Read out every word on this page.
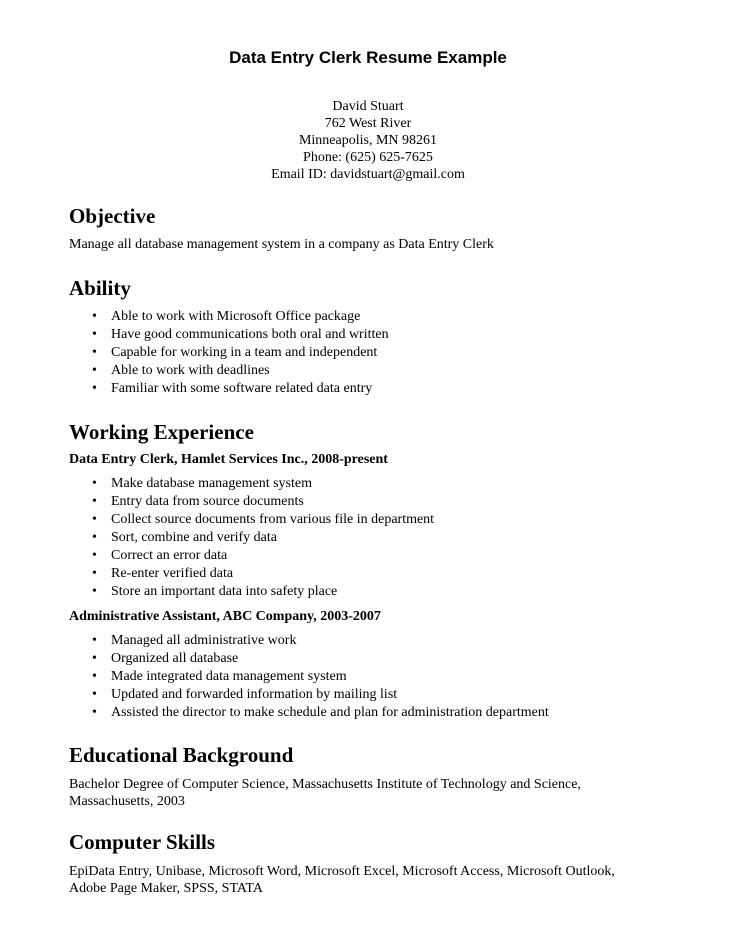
Data Entry Clerk Resume Example
David Stuart
762 West River
Minneapolis, MN 98261
Phone: (625) 625-7625
Email ID: davidstuart@gmail.com
Objective
Manage all database management system in a company as Data Entry Clerk
Ability
• Able to work with Microsoft Office package
• Have good communications both oral and written
• Capable for working in a team and independent
• Able to work with deadlines
• Familiar with some software related data entry
Working Experience
Data Entry Clerk, Hamlet Services Inc., 2008-present
• Make database management system
• Entry data from source documents
• Collect source documents from various file in department
• Sort, combine and verify data
• Correct an error data
• Re-enter verified data
• Store an important data into safety place
Administrative Assistant, ABC Company, 2003-2007
• Managed all administrative work
• Organized all database
• Made integrated data management system
• Updated and forwarded information by mailing list
• Assisted the director to make schedule and plan for administration department
Educational Background
Bachelor Degree of Computer Science, Massachusetts Institute of Technology and Science,
Massachusetts, 2003
Computer Skills
EpiData Entry, Unibase, Microsoft Word, Microsoft Excel, Microsoft Access, Microsoft Outlook,
Adobe Page Maker, SPSS, STATA
